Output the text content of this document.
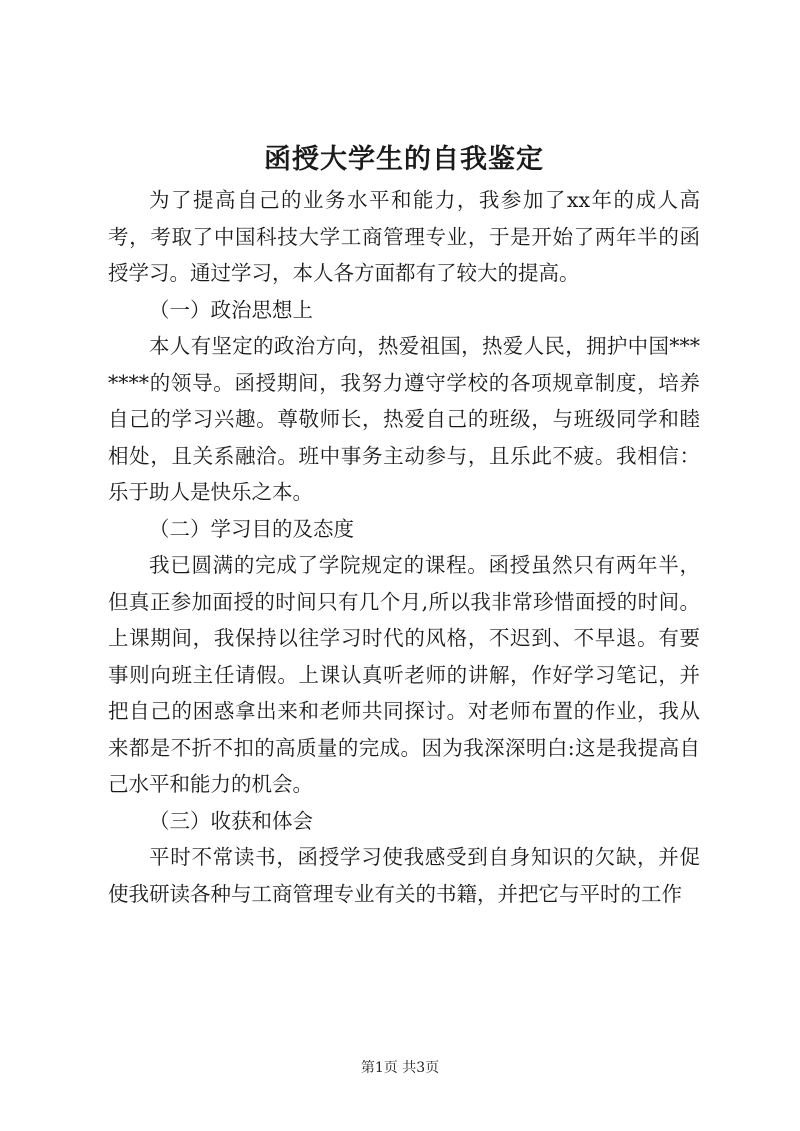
函授大学生的自我鉴定

为了提高自己的业务水平和能力，我参加了xx年的成人高考，考取了中国科技大学工商管理专业，于是开始了两年半的函授学习。通过学习，本人各方面都有了较大的提高。

（一）政治思想上

本人有坚定的政治方向，热爱祖国，热爱人民，拥护中国*******的领导。函授期间，我努力遵守学校的各项规章制度，培养自己的学习兴趣。尊敬师长，热爱自己的班级，与班级同学和睦相处，且关系融洽。班中事务主动参与，且乐此不疲。我相信：乐于助人是快乐之本。

（二）学习目的及态度

我已圆满的完成了学院规定的课程。函授虽然只有两年半，但真正参加面授的时间只有几个月,所以我非常珍惜面授的时间。上课期间，我保持以往学习时代的风格，不迟到、不早退。有要事则向班主任请假。上课认真听老师的讲解，作好学习笔记，并把自己的困惑拿出来和老师共同探讨。对老师布置的作业，我从来都是不折不扣的高质量的完成。因为我深深明白:这是我提高自己水平和能力的机会。

（三）收获和体会

平时不常读书，函授学习使我感受到自身知识的欠缺，并促使我研读各种与工商管理专业有关的书籍，并把它与平时的工作

第1页 共3页
